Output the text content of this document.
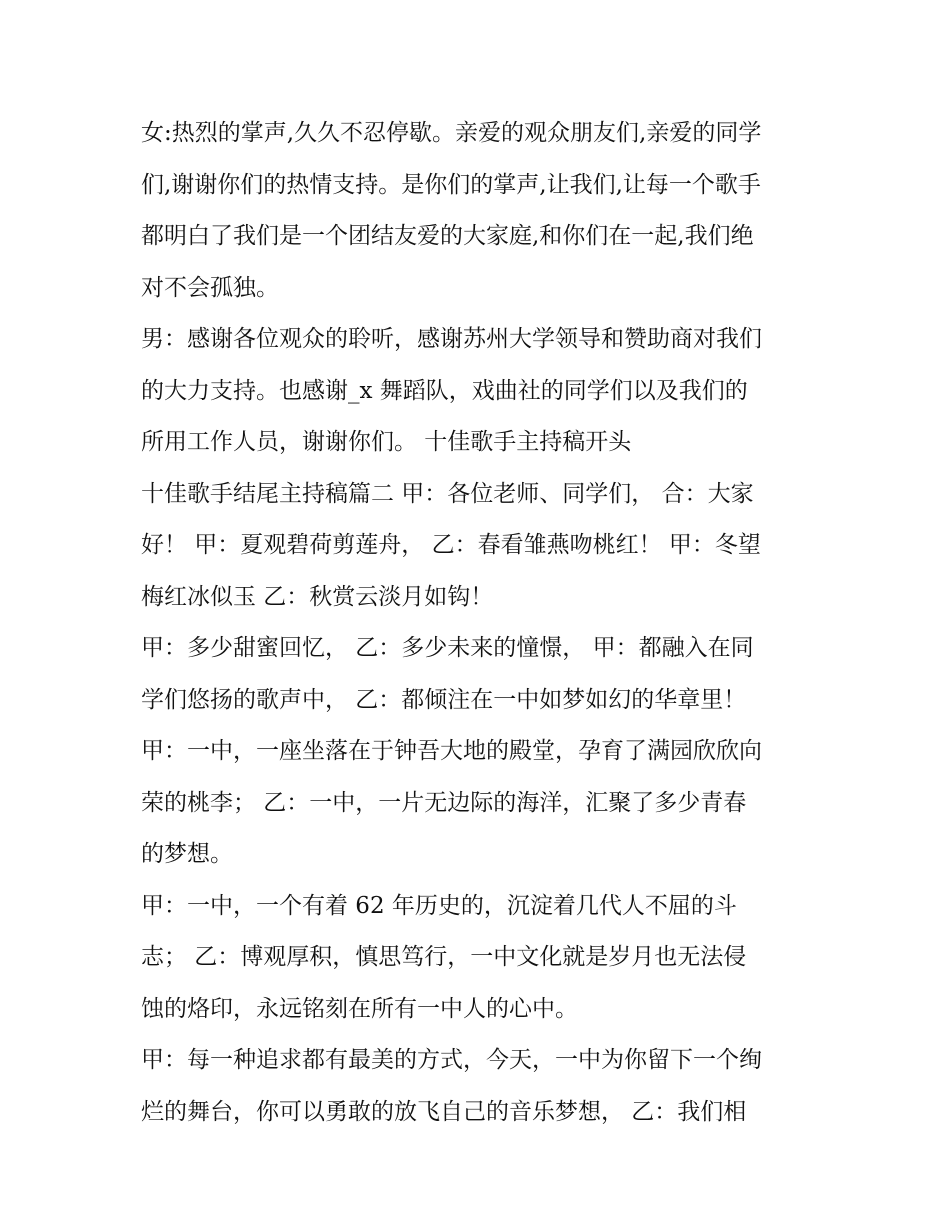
女:热烈的掌声,久久不忍停歇。亲爱的观众朋友们,亲爱的同学
们,谢谢你们的热情支持。是你们的掌声,让我们,让每一个歌手
都明白了我们是一个团结友爱的大家庭,和你们在一起,我们绝
对不会孤独。
男：感谢各位观众的聆听，感谢苏州大学领导和赞助商对我们
的大力支持。也感谢_x 舞蹈队，戏曲社的同学们以及我们的
所用工作人员，谢谢你们。 十佳歌手主持稿开头
十佳歌手结尾主持稿篇二 甲：各位老师、同学们， 合：大家
好！ 甲：夏观碧荷剪莲舟， 乙：春看雏燕吻桃红！ 甲：冬望
梅红冰似玉 乙：秋赏云淡月如钩！
甲：多少甜蜜回忆， 乙：多少未来的憧憬， 甲：都融入在同
学们悠扬的歌声中， 乙：都倾注在一中如梦如幻的华章里！
甲：一中，一座坐落在于钟吾大地的殿堂，孕育了满园欣欣向
荣的桃李； 乙：一中，一片无边际的海洋，汇聚了多少青春
的梦想。
甲：一中，一个有着 62 年历史的，沉淀着几代人不屈的斗
志； 乙：博观厚积，慎思笃行，一中文化就是岁月也无法侵
蚀的烙印，永远铭刻在所有一中人的心中。
甲：每一种追求都有最美的方式，今天，一中为你留下一个绚
烂的舞台，你可以勇敢的放飞自己的音乐梦想， 乙：我们相
